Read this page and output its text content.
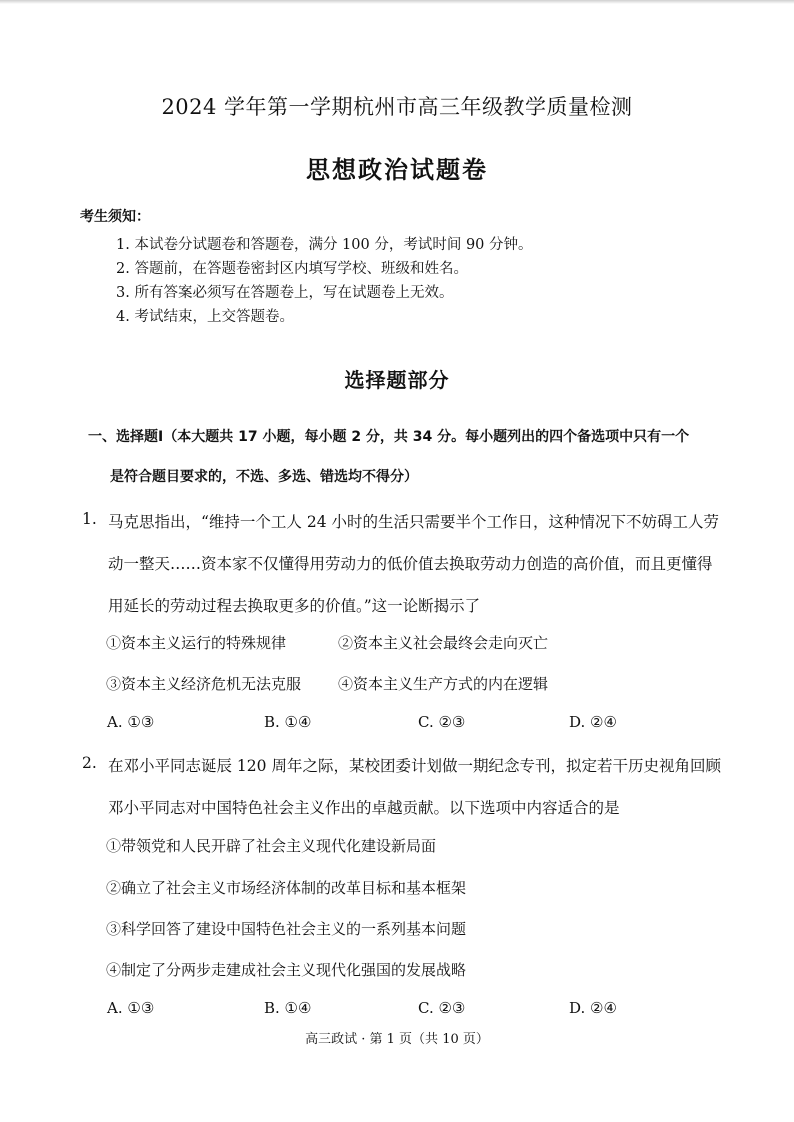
2024 学年第一学期杭州市高三年级教学质量检测
思想政治试题卷
考生须知：
1. 本试卷分试题卷和答题卷，满分 100 分，考试时间 90 分钟。
2. 答题前，在答题卷密封区内填写学校、班级和姓名。
3. 所有答案必须写在答题卷上，写在试题卷上无效。
4. 考试结束，上交答题卷。
选择题部分
一、选择题Ⅰ（本大题共 17 小题，每小题 2 分，共 34 分。每小题列出的四个备选项中只有一个
是符合题目要求的，不选、多选、错选均不得分）
1. 马克思指出，“维持一个工人 24 小时的生活只需要半个工作日，这种情况下不妨碍工人劳
动一整天……资本家不仅懂得用劳动力的低价值去换取劳动力创造的高价值，而且更懂得
用延长的劳动过程去换取更多的价值。”这一论断揭示了
①资本主义运行的特殊规律	②资本主义社会最终会走向灭亡
③资本主义经济危机无法克服 ④资本主义生产方式的内在逻辑
A. ①③	B. ①④	C. ②③	D. ②④
2. 在邓小平同志诞辰 120 周年之际，某校团委计划做一期纪念专刊，拟定若干历史视角回顾
邓小平同志对中国特色社会主义作出的卓越贡献。以下选项中内容适合的是
①带领党和人民开辟了社会主义现代化建设新局面
②确立了社会主义市场经济体制的改革目标和基本框架
③科学回答了建设中国特色社会主义的一系列基本问题
④制定了分两步走建成社会主义现代化强国的发展战略
A. ①③	B. ①④	C. ②③	D. ②④
高三政试 · 第 1 页（共 10 页）
